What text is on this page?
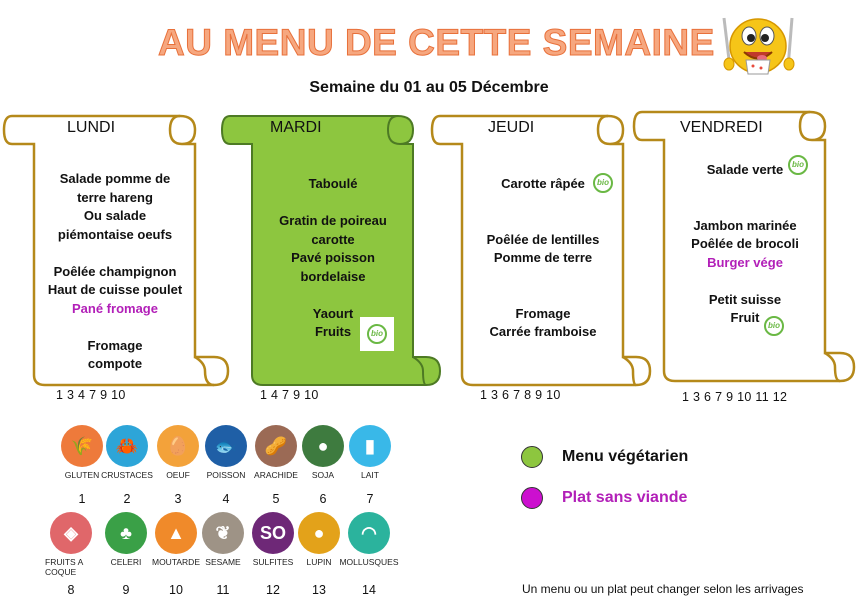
AU MENU DE CETTE SEMAINE
Semaine du 01 au 05 Décembre
LUNDI
Salade pomme de
terre hareng
Ou salade
piémontaise oeufs
Poêlée champignon
Haut de cuisse poulet
Pané fromage
Fromage
compote
1 3 4 7 9 10
MARDI
Taboulé
Gratin de poireau
carotte
Pavé poisson
bordelaise
Yaourt
Fruits	bio
1 4 7 9 10
JEUDI
Carotte râpée
Poêlée de lentilles
Pomme de terre
Fromage
Carrée framboise
bio
1 3 6 7 8 9 10
VENDREDI
Salade verte
Jambon marinée
Poêlée de brocoli
Burger vége
Petit suisse
Fruit
bio
bio
1 3 6 7 9 10 11 12
🌾
GLUTEN
1
🦀
CRUSTACES
2
🥚
OEUF
3
🐟
POISSON
4
🥜
ARACHIDE
5
●
SOJA
6
▮
LAIT
7
◈
FRUITS A
COQUE
8
♣
CELERI
9
▲
MOUTARDE
10
❦
SESAME
11
SO
SULFITES
12
●
LUPIN
13
◠
MOLLUSQUES
14
Menu végétarien
Plat sans viande
Un menu ou un plat peut changer selon les arrivages
